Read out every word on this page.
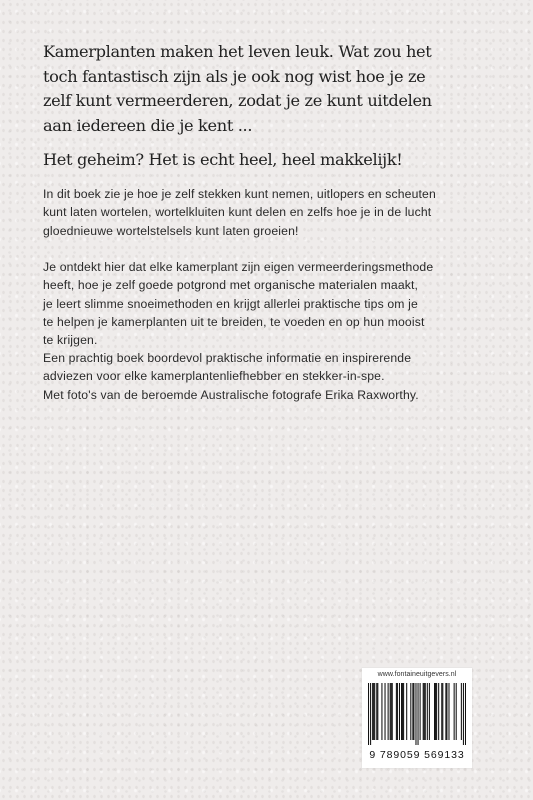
Kamerplanten maken het leven leuk. Wat zou het
toch fantastisch zijn als je ook nog wist hoe je ze
zelf kunt vermeerderen, zodat je ze kunt uitdelen
aan iedereen die je kent ...
Het geheim? Het is echt heel, heel makkelijk!

In dit boek zie je hoe je zelf stekken kunt nemen, uitlopers en scheuten
kunt laten wortelen, wortelkluiten kunt delen en zelfs hoe je in de lucht
gloednieuwe wortelstelsels kunt laten groeien!

Je ontdekt hier dat elke kamerplant zijn eigen vermeerderingsmethode
heeft, hoe je zelf goede potgrond met organische materialen maakt,
je leert slimme snoeimethoden en krijgt allerlei praktische tips om je
te helpen je kamerplanten uit te breiden, te voeden en op hun mooist
te krijgen.

Een prachtig boek boordevol praktische informatie en inspirerende
adviezen voor elke kamerplantenliefhebber en stekker-in-spe.
Met foto's van de beroemde Australische fotografe Erika Raxworthy.

www.fontaineuitgevers.nl
9 789059 569133
